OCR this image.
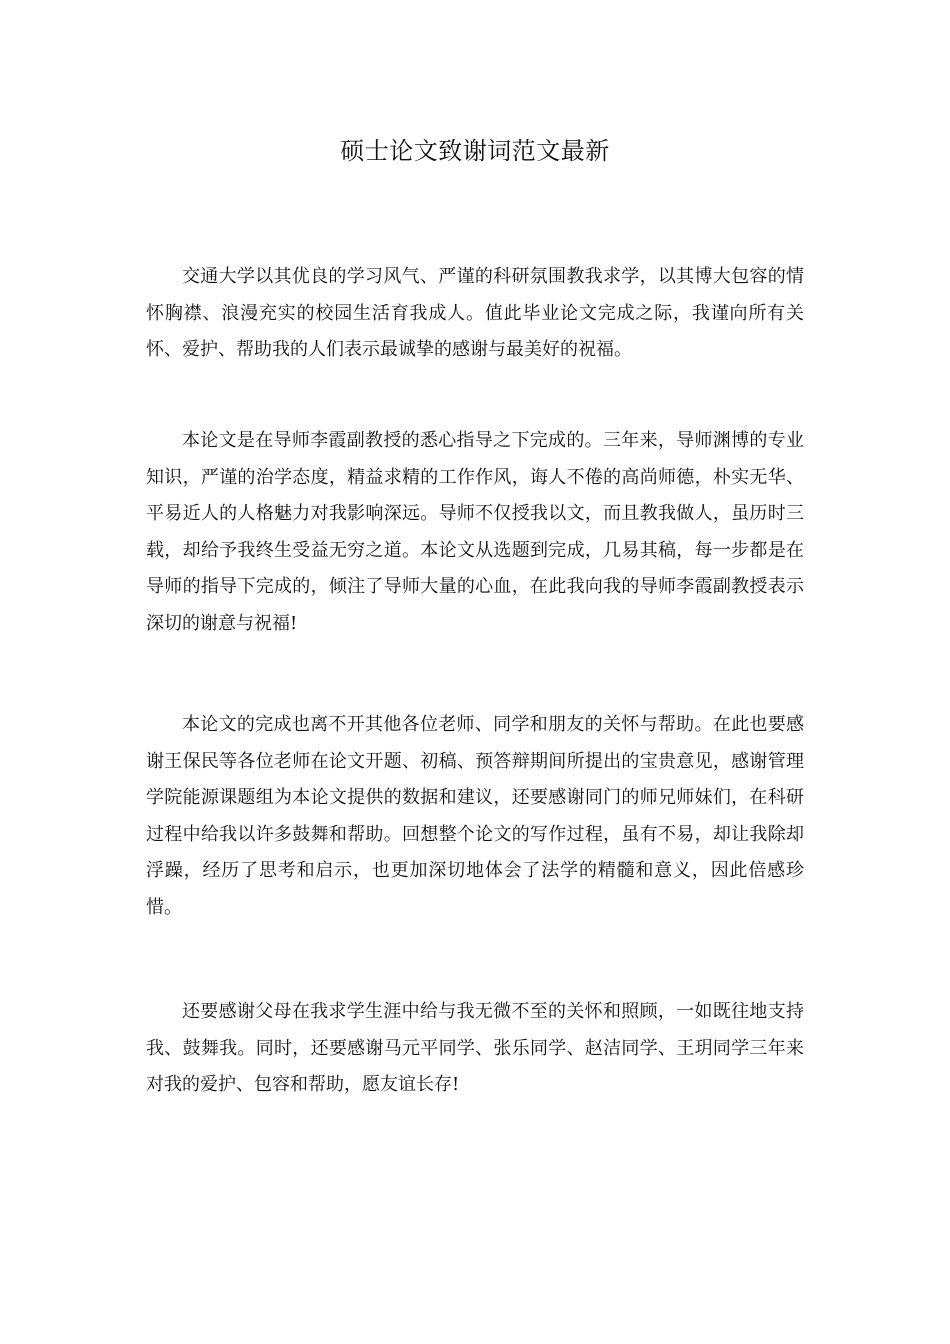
硕士论文致谢词范文最新

交通大学以其优良的学习风气、严谨的科研氛围教我求学，以其博大包容的情怀胸襟、浪漫充实的校园生活育我成人。值此毕业论文完成之际，我谨向所有关怀、爱护、帮助我的人们表示最诚挚的感谢与最美好的祝福。

本论文是在导师李霞副教授的悉心指导之下完成的。三年来，导师渊博的专业知识，严谨的治学态度，精益求精的工作作风，诲人不倦的高尚师德，朴实无华、平易近人的人格魅力对我影响深远。导师不仅授我以文，而且教我做人，虽历时三载，却给予我终生受益无穷之道。本论文从选题到完成，几易其稿，每一步都是在导师的指导下完成的，倾注了导师大量的心血，在此我向我的导师李霞副教授表示深切的谢意与祝福!

本论文的完成也离不开其他各位老师、同学和朋友的关怀与帮助。在此也要感谢王保民等各位老师在论文开题、初稿、预答辩期间所提出的宝贵意见，感谢管理学院能源课题组为本论文提供的数据和建议，还要感谢同门的师兄师妹们，在科研过程中给我以许多鼓舞和帮助。回想整个论文的写作过程，虽有不易，却让我除却浮躁，经历了思考和启示，也更加深切地体会了法学的精髓和意义，因此倍感珍惜。

还要感谢父母在我求学生涯中给与我无微不至的关怀和照顾，一如既往地支持我、鼓舞我。同时，还要感谢马元平同学、张乐同学、赵洁同学、王玥同学三年来对我的爱护、包容和帮助，愿友谊长存!
